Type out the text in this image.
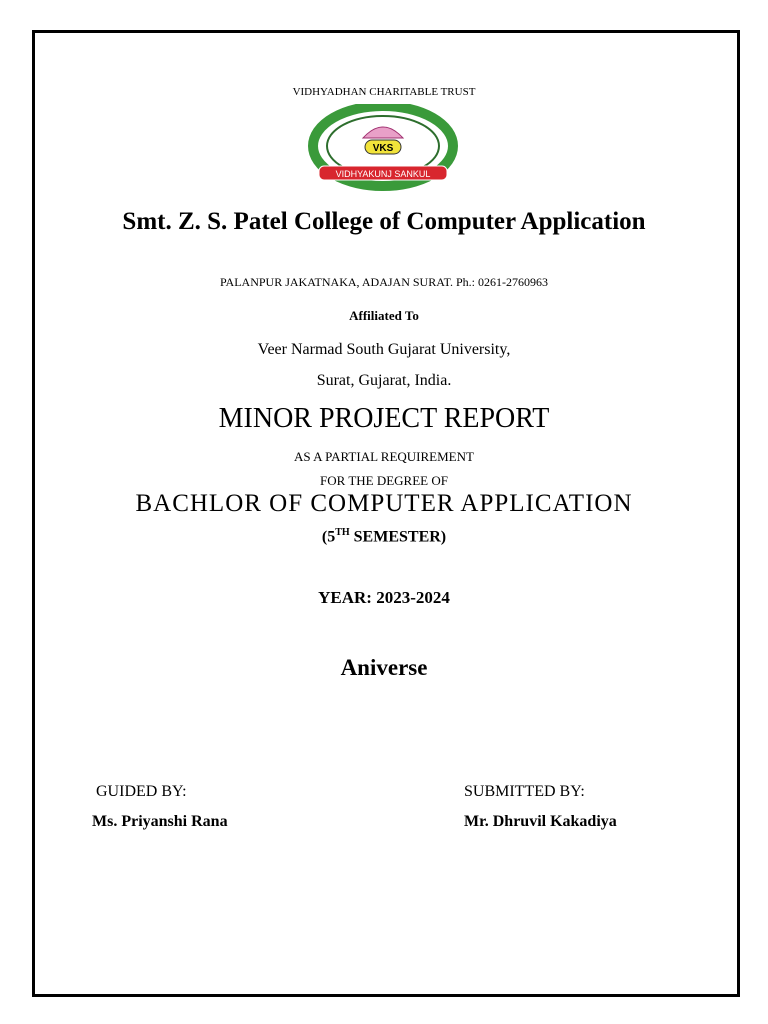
VIDHYADHAN CHARITABLE TRUST
VKS
VIDHYAKUNJ SANKUL
Smt. Z. S. Patel College of Computer Application
PALANPUR JAKATNAKA, ADAJAN SURAT. Ph.: 0261-2760963
Affiliated To
Veer Narmad South Gujarat University,
Surat, Gujarat, India.
MINOR PROJECT REPORT
AS A PARTIAL REQUIREMENT
FOR THE DEGREE OF
BACHLOR OF COMPUTER APPLICATION
(5TH SEMESTER)
YEAR: 2023-2024
Aniverse
GUIDED BY:
Ms. Priyanshi Rana
SUBMITTED BY:
Mr. Dhruvil Kakadiya
